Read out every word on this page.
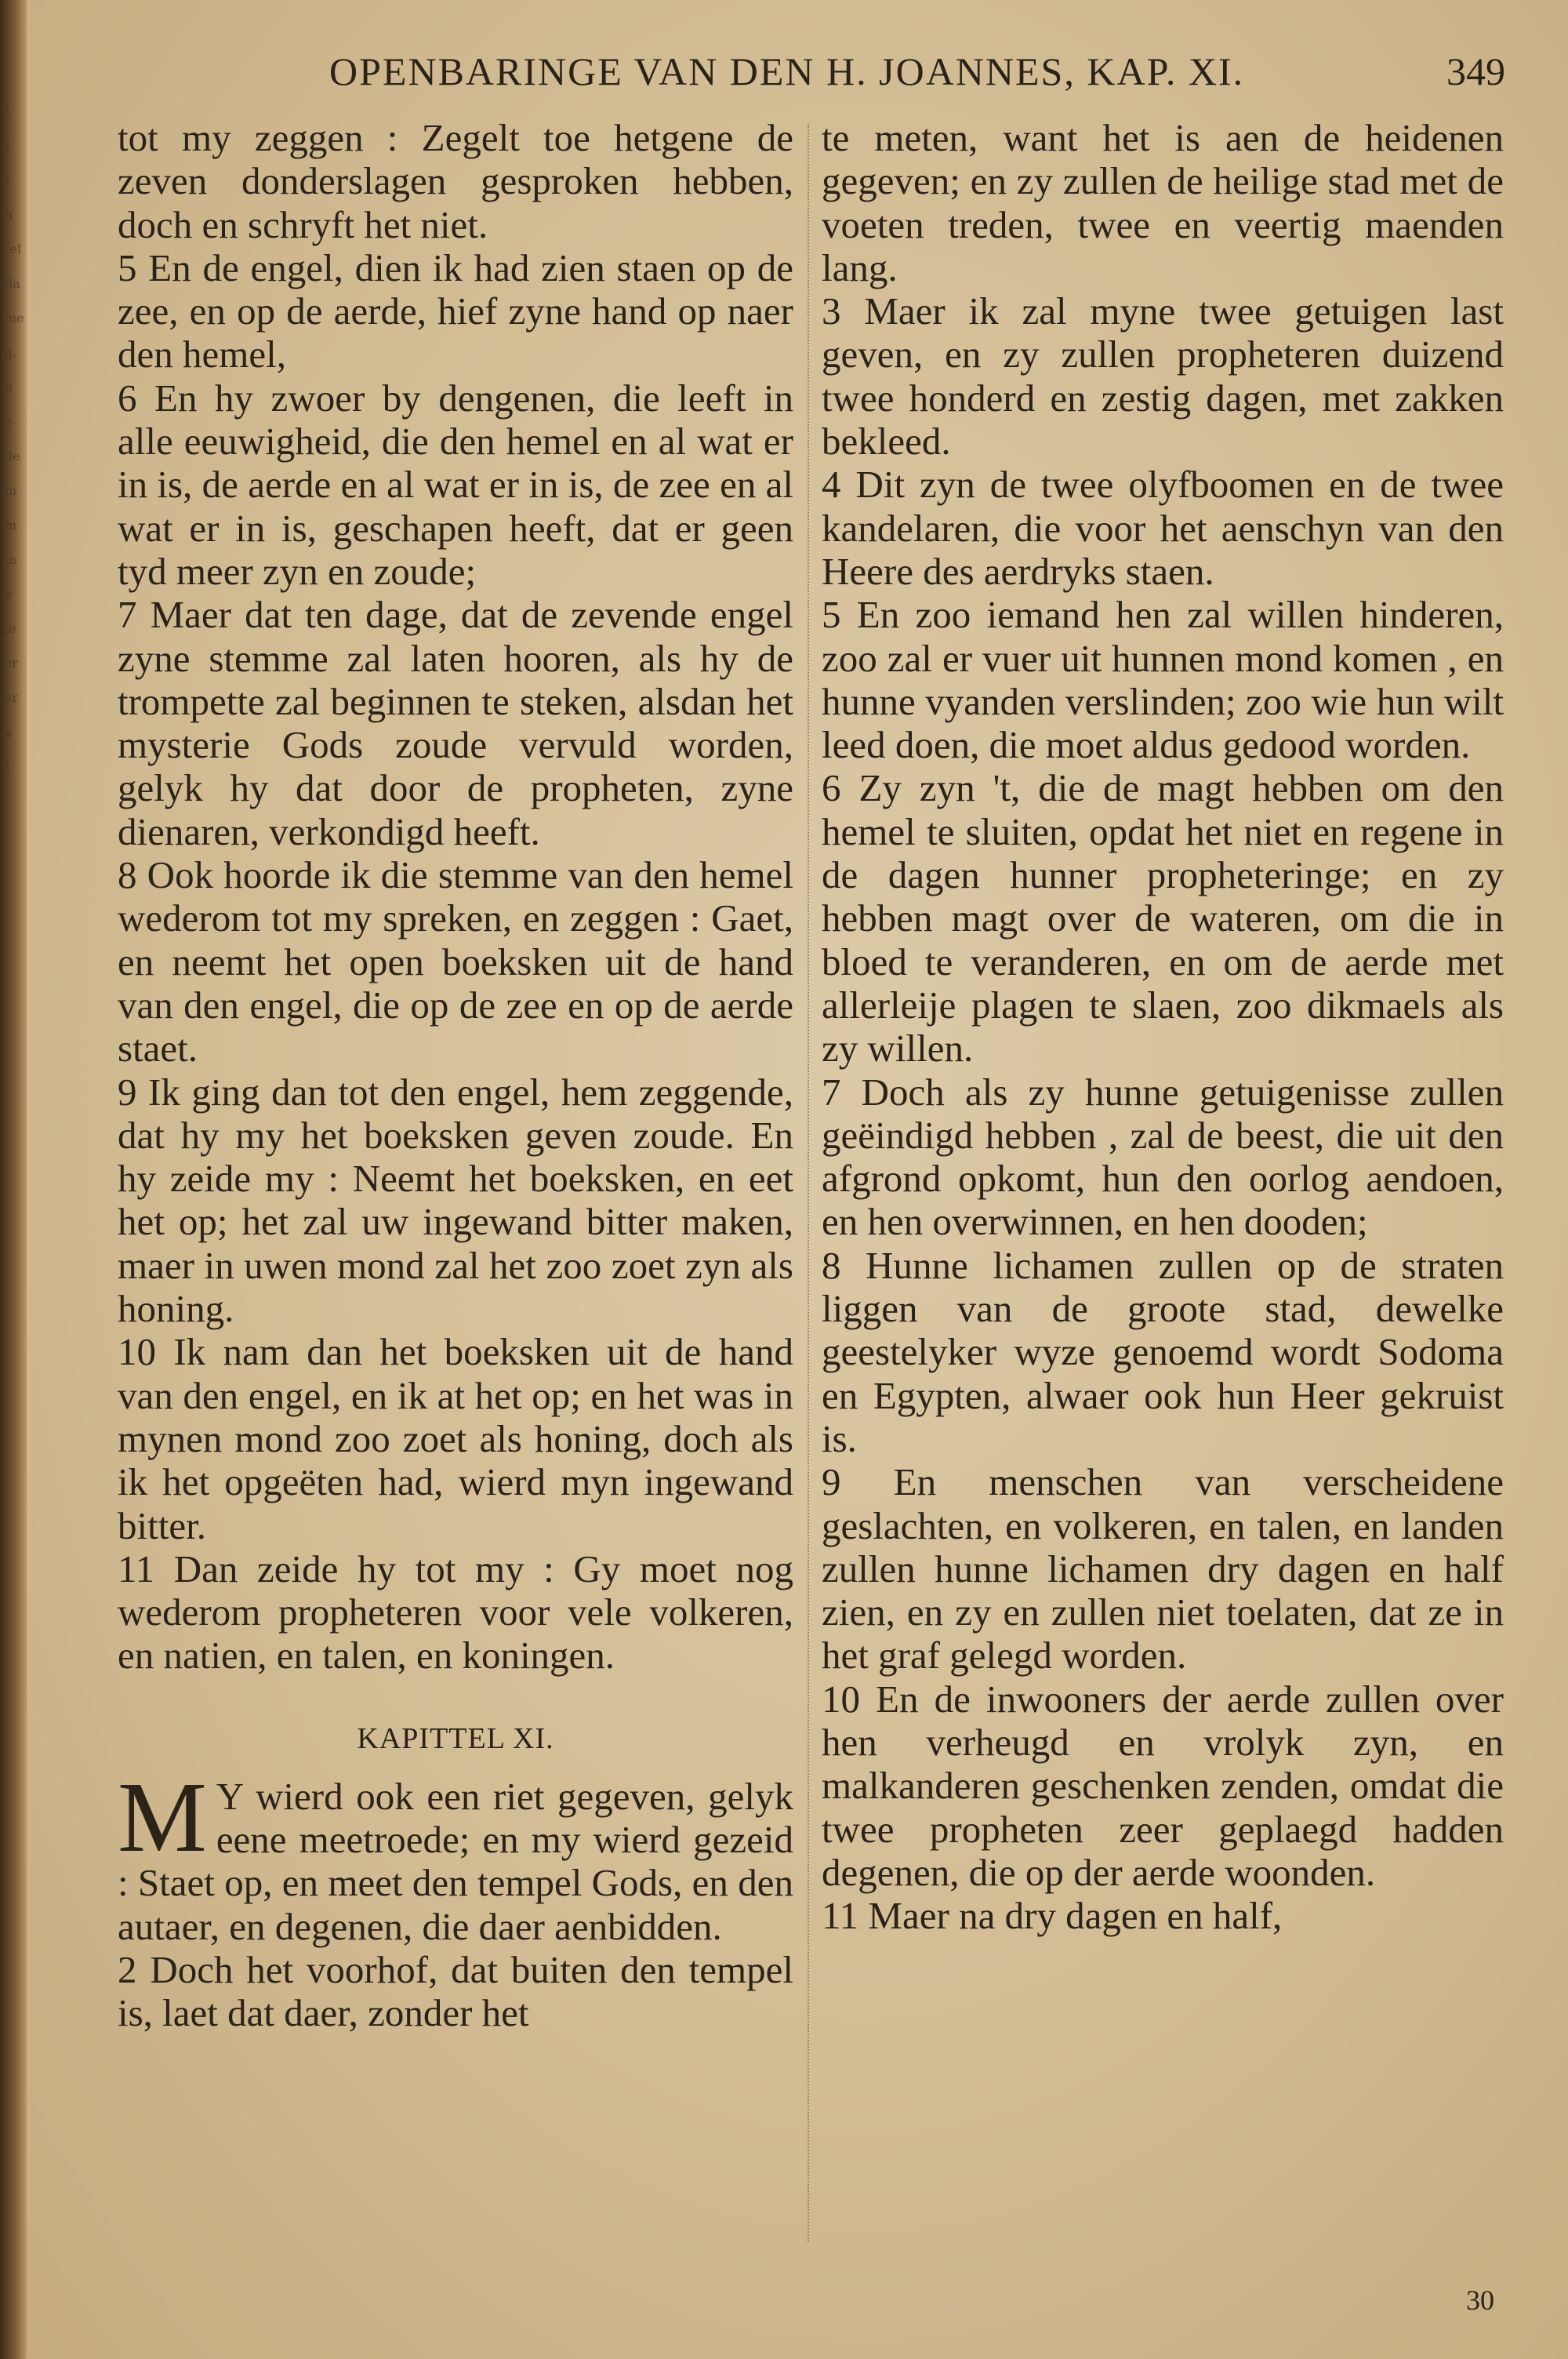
t.
t
t
h
tel
da
me
g.
n
e-
de
m
m
m
e
ie
er
er
a
t
OPENBARINGE VAN DEN H. JOANNES, KAP. XI.	349

tot my zeggen : Zegelt toe hetgene de zeven donderslagen gesproken hebben, doch en schryft het niet.

5 En de engel, dien ik had zien staen op de zee, en op de aerde, hief zyne hand op naer den hemel,

6 En hy zwoer by dengenen, die leeft in alle eeuwigheid, die den hemel en al wat er in is, de aerde en al wat er in is, de zee en al wat er in is, geschapen heeft, dat er geen tyd meer zyn en zoude;

7 Maer dat ten dage, dat de zevende engel zyne stemme zal laten hooren, als hy de trompette zal beginnen te steken, alsdan het mysterie Gods zoude vervuld worden, gelyk hy dat door de propheten, zyne dienaren, verkondigd heeft.

8 Ook hoorde ik die stemme van den hemel wederom tot my spreken, en zeggen : Gaet, en neemt het open boeksken uit de hand van den engel, die op de zee en op de aerde staet.

9 Ik ging dan tot den engel, hem zeggende, dat hy my het boeksken geven zoude. En hy zeide my : Neemt het boeksken, en eet het op; het zal uw ingewand bitter maken, maer in uwen mond zal het zoo zoet zyn als honing.

10 Ik nam dan het boeksken uit de hand van den engel, en ik at het op; en het was in mynen mond zoo zoet als honing, doch als ik het opgeëten had, wierd myn ingewand bitter.

11 Dan zeide hy tot my : Gy moet nog wederom propheteren voor vele volkeren, en natien, en talen, en koningen.

KAPITTEL XI.

M Y wierd ook een riet gegeven, gelyk eene meetroede; en my wierd gezeid : Staet op, en meet den tempel Gods, en den autaer, en degenen, die daer aenbidden.

2 Doch het voorhof, dat buiten den tempel is, laet dat daer, zonder het

te meten, want het is aen de heidenen gegeven; en zy zullen de heilige stad met de voeten treden, twee en veertig maenden lang.

3 Maer ik zal myne twee getuigen last geven, en zy zullen propheteren duizend twee honderd en zestig dagen, met zakken bekleed.

4 Dit zyn de twee olyfboomen en de twee kandelaren, die voor het aenschyn van den Heere des aerdryks staen.

5 En zoo iemand hen zal willen hinderen, zoo zal er vuer uit hunnen mond komen , en hunne vyanden verslinden; zoo wie hun wilt leed doen, die moet aldus gedood worden.

6 Zy zyn 't, die de magt hebben om den hemel te sluiten, opdat het niet en regene in de dagen hunner propheteringe; en zy hebben magt over de wateren, om die in bloed te veranderen, en om de aerde met allerleije plagen te slaen, zoo dikmaels als zy willen.

7 Doch als zy hunne getuigenisse zullen geëindigd hebben , zal de beest, die uit den afgrond opkomt, hun den oorlog aendoen, en hen overwinnen, en hen dooden;

8 Hunne lichamen zullen op de straten liggen van de groote stad, dewelke geestelyker wyze genoemd wordt Sodoma en Egypten, alwaer ook hun Heer gekruist is.

9 En menschen van verscheidene geslachten, en volkeren, en talen, en landen zullen hunne lichamen dry dagen en half zien, en zy en zullen niet toelaten, dat ze in het graf gelegd worden.

10 En de inwooners der aerde zullen over hen verheugd en vrolyk zyn, en malkanderen geschenken zenden, omdat die twee propheten zeer geplaegd hadden degenen, die op der aerde woonden.

11 Maer na dry dagen en half,

30
